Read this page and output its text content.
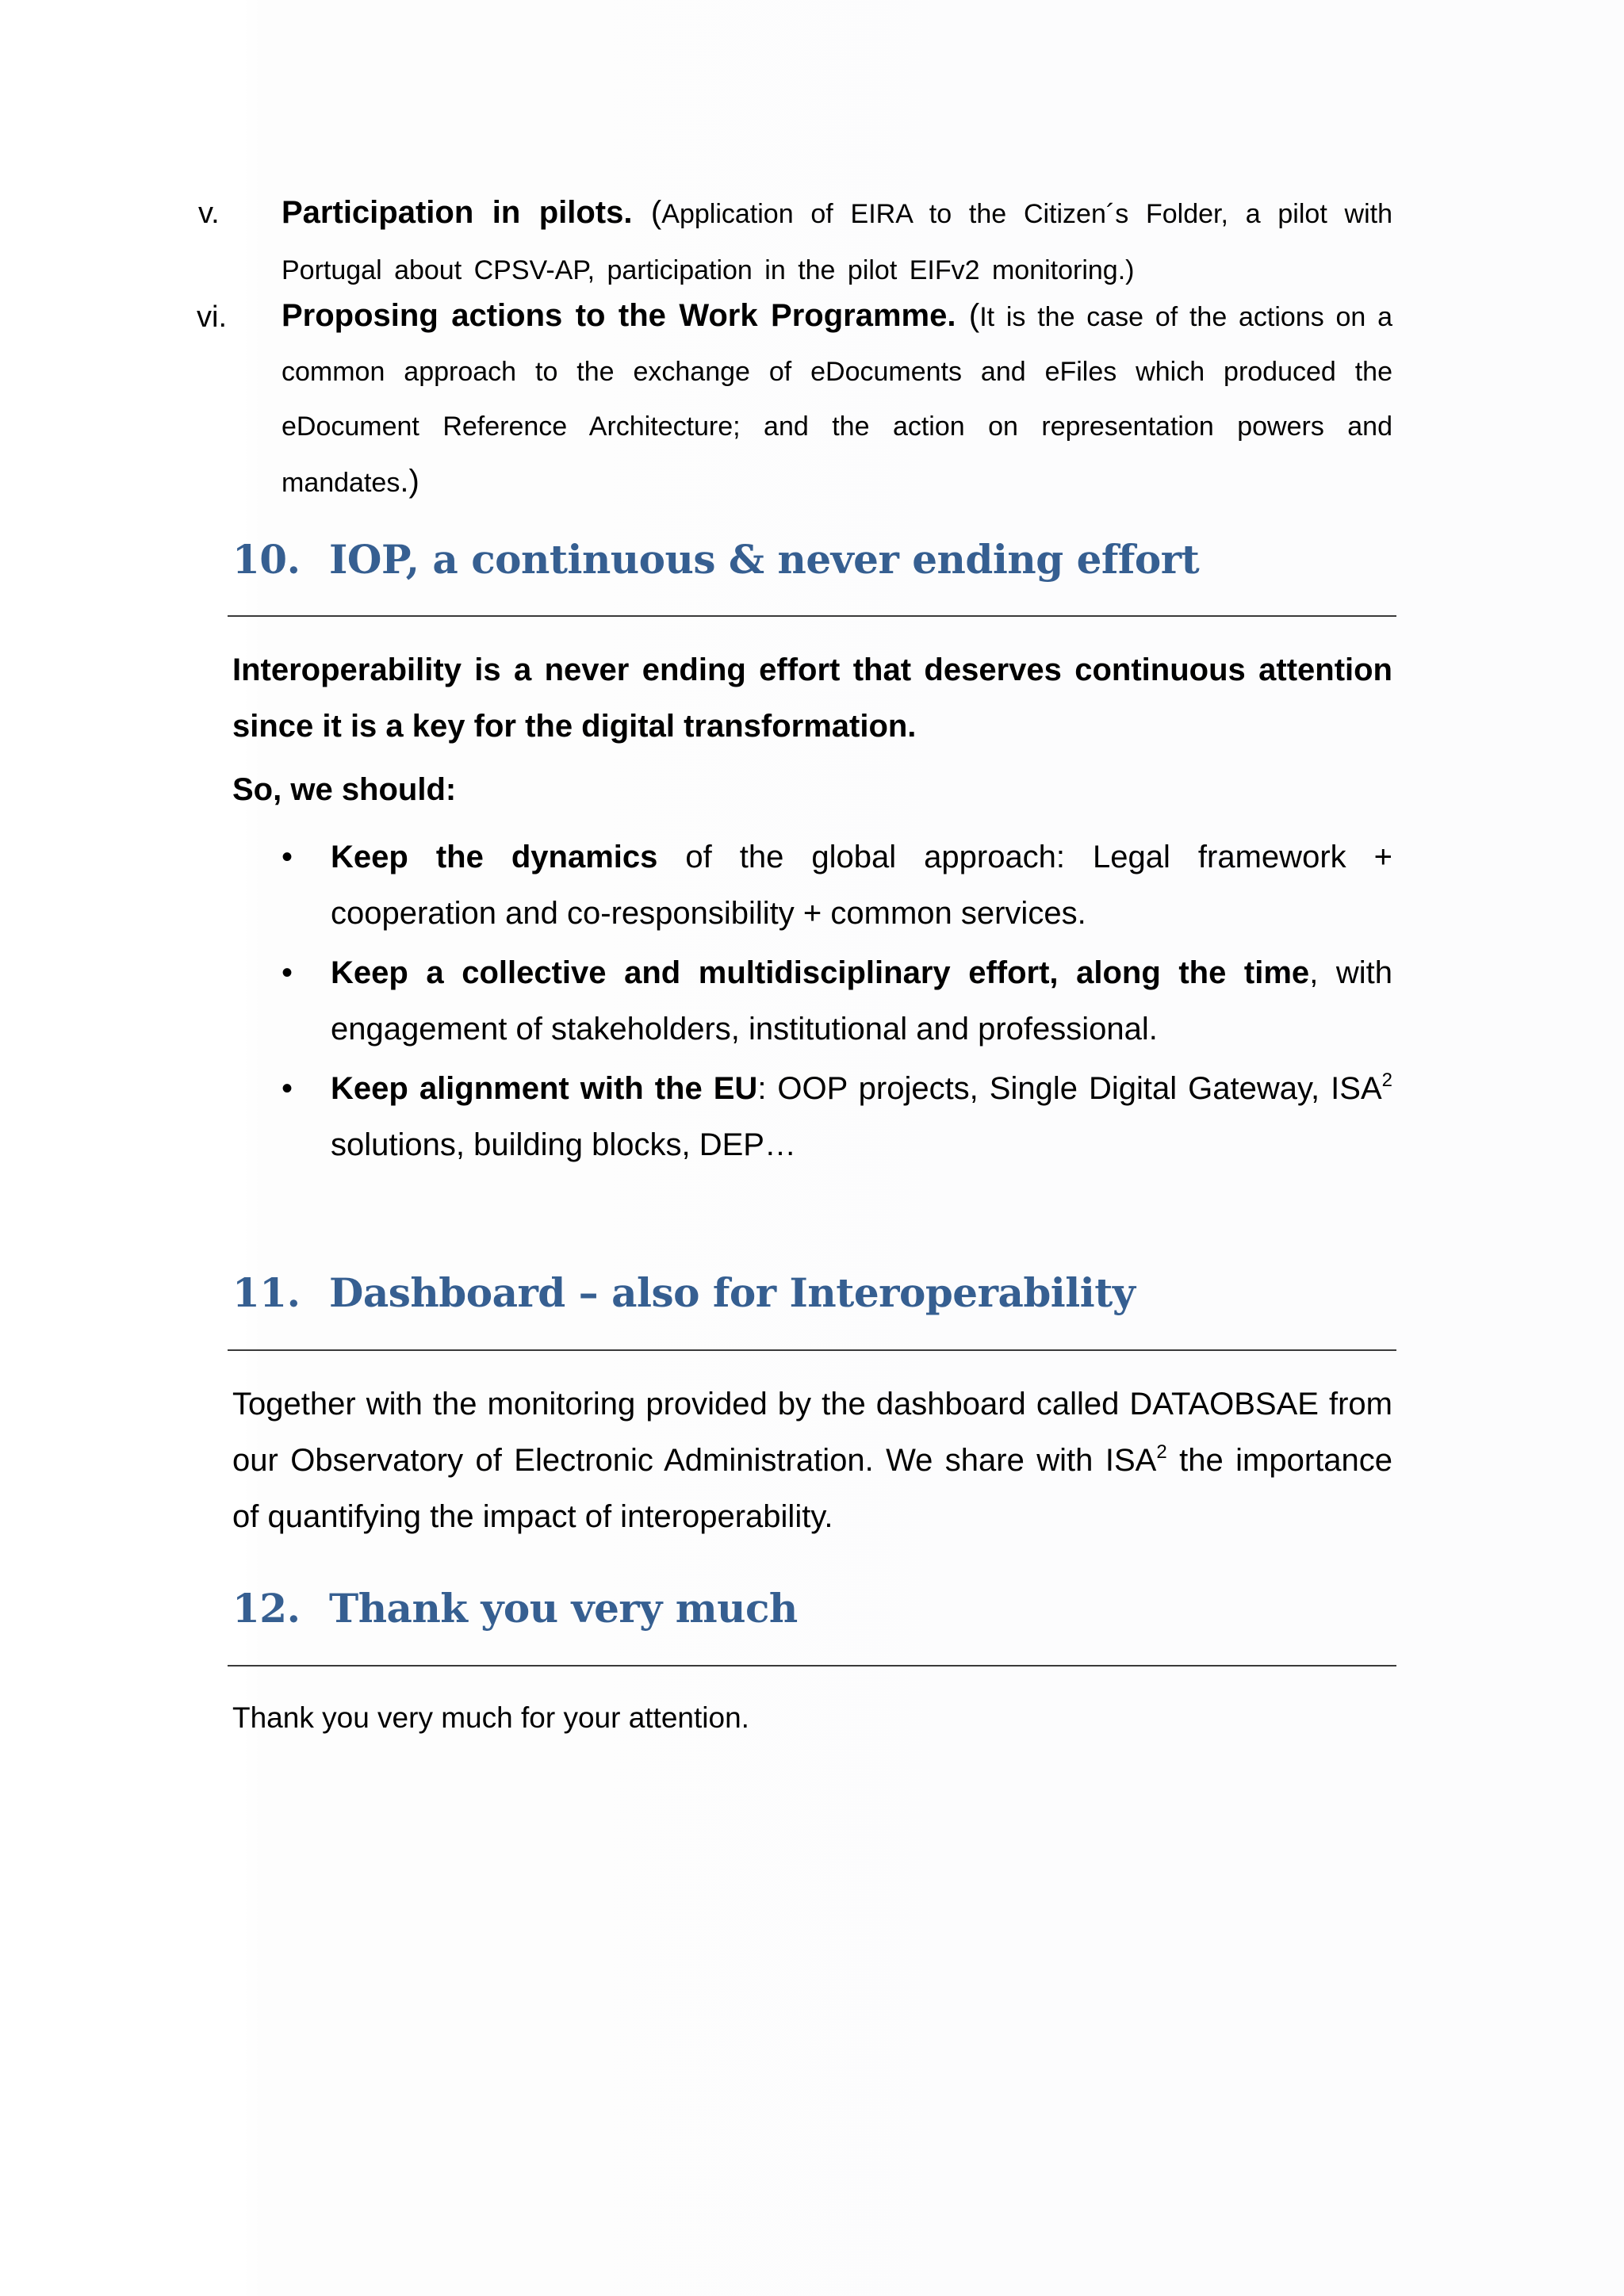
v.	Participation in pilots. (Application of EIRA to the Citizen´s Folder, a pilot with Portugal about CPSV-AP, participation in the pilot EIFv2 monitoring.)
vi.	Proposing actions to the Work Programme. (It is the case of the actions on a common approach to the exchange of eDocuments and eFiles which produced the eDocument Reference Architecture; and the action on representation powers and mandates.)
10. IOP, a continuous & never ending effort
Interoperability is a never ending effort that deserves continuous attention since it is a key for the digital transformation.
So, we should:
• Keep the dynamics of the global approach: Legal framework + cooperation and co-responsibility + common services.
• Keep a collective and multidisciplinary effort, along the time, with engagement of stakeholders, institutional and professional.
• Keep alignment with the EU: OOP projects, Single Digital Gateway, ISA$^2$ solutions, building blocks, DEP…
11. Dashboard – also for Interoperability
Together with the monitoring provided by the dashboard called DATAOBSAE from our Observatory of Electronic Administration. We share with ISA$^2$ the importance of quantifying the impact of interoperability.
12. Thank you very much
Thank you very much for your attention.
